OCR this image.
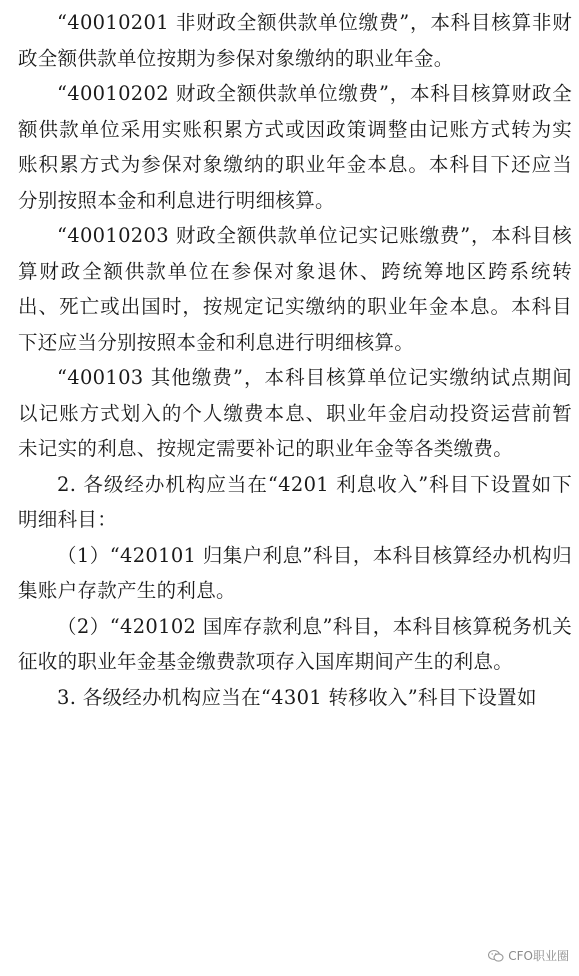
“40010201 非财政全额供款单位缴费”，本科目核算非财政全额供款单位按期为参保对象缴纳的职业年金。

“40010202 财政全额供款单位缴费”，本科目核算财政全额供款单位采用实账积累方式或因政策调整由记账方式转为实账积累方式为参保对象缴纳的职业年金本息。本科目下还应当分别按照本金和利息进行明细核算。

“40010203 财政全额供款单位记实记账缴费”，本科目核算财政全额供款单位在参保对象退休、跨统筹地区跨系统转出、死亡或出国时，按规定记实缴纳的职业年金本息。本科目下还应当分别按照本金和利息进行明细核算。

“400103 其他缴费”，本科目核算单位记实缴纳试点期间以记账方式划入的个人缴费本息、职业年金启动投资运营前暂未记实的利息、按规定需要补记的职业年金等各类缴费。

2. 各级经办机构应当在“4201 利息收入”科目下设置如下明细科目：

（1）“420101 归集户利息”科目，本科目核算经办机构归集账户存款产生的利息。

（2）“420102 国库存款利息”科目，本科目核算税务机关征收的职业年金基金缴费款项存入国库期间产生的利息。

3. 各级经办机构应当在“4301 转移收入”科目下设置如

CFO职业圈
